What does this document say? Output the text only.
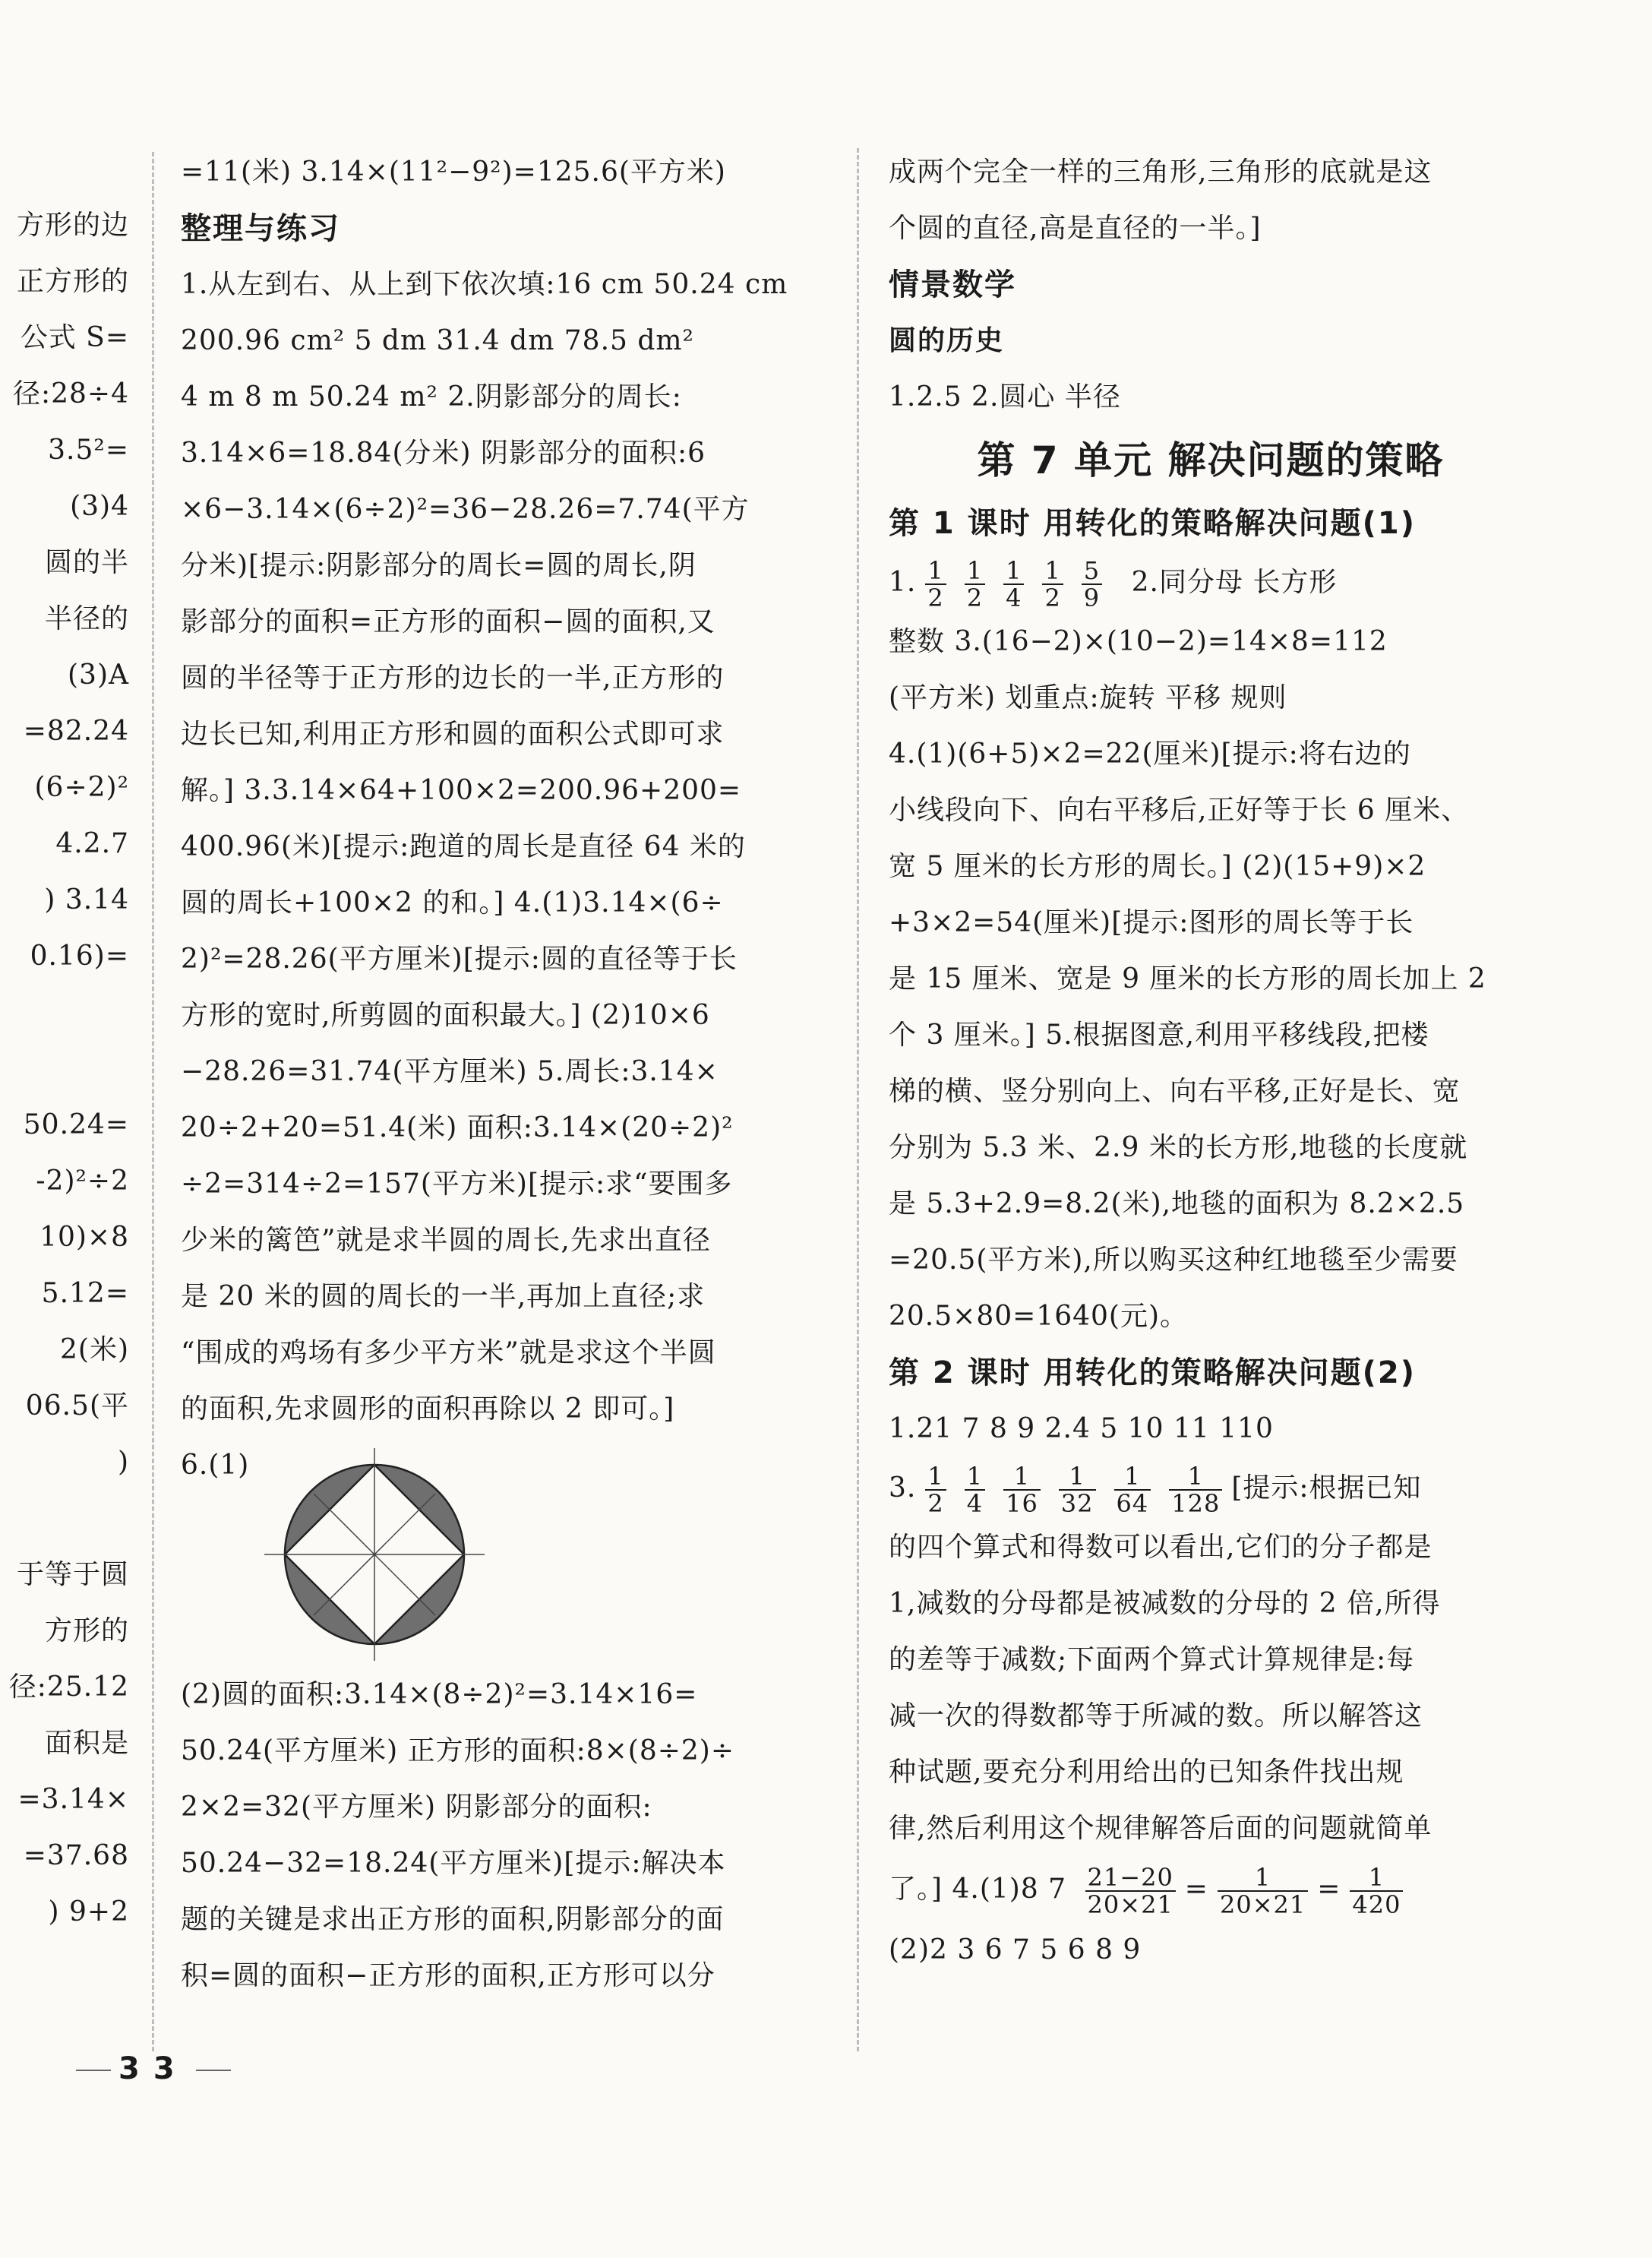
方形的边
正方形的
公式 S=
径:28÷4
3.5²=
(3)4
圆的半
半径的
(3)A
=82.24
(6÷2)²
4.2.7
) 3.14
0.16)=
50.24=
-2)²÷2
10)×8
5.12=
2(米)
06.5(平
)
于等于圆
方形的
径:25.12
面积是
=3.14×
=37.68
) 9+2
=11(米) 3.14×(11²−9²)=125.6(平方米)
整理与练习
1.从左到右、从上到下依次填:16 cm 50.24 cm
200.96 cm² 5 dm 31.4 dm 78.5 dm²
4 m 8 m 50.24 m² 2.阴影部分的周长:
3.14×6=18.84(分米) 阴影部分的面积:6
×6−3.14×(6÷2)²=36−28.26=7.74(平方
分米)[提示:阴影部分的周长=圆的周长,阴
影部分的面积=正方形的面积−圆的面积,又
圆的半径等于正方形的边长的一半,正方形的
边长已知,利用正方形和圆的面积公式即可求
解。] 3.3.14×64+100×2=200.96+200=
400.96(米)[提示:跑道的周长是直径 64 米的
圆的周长+100×2 的和。] 4.(1)3.14×(6÷
2)²=28.26(平方厘米)[提示:圆的直径等于长
方形的宽时,所剪圆的面积最大。] (2)10×6
−28.26=31.74(平方厘米) 5.周长:3.14×
20÷2+20=51.4(米) 面积:3.14×(20÷2)²
÷2=314÷2=157(平方米)[提示:求“要围多
少米的篱笆”就是求半圆的周长,先求出直径
是 20 米的圆的周长的一半,再加上直径;求
“围成的鸡场有多少平方米”就是求这个半圆
的面积,先求圆形的面积再除以 2 即可。]
6.(1)
(2)圆的面积:3.14×(8÷2)²=3.14×16=
50.24(平方厘米) 正方形的面积:8×(8÷2)÷
2×2=32(平方厘米) 阴影部分的面积:
50.24−32=18.24(平方厘米)[提示:解决本
题的关键是求出正方形的面积,阴影部分的面
积=圆的面积−正方形的面积,正方形可以分
成两个完全一样的三角形,三角形的底就是这
个圆的直径,高是直径的一半。]
情景数学
圆的历史
1.2.5 2.圆心 半径
第 7 单元 解决问题的策略
第 1 课时 用转化的策略解决问题(1)
1. $\frac{1}{2} \frac{1}{2} \frac{1}{4} \frac{1}{2} \frac{5}{9} 2$.同分母 长方形
整数 3.(16−2)×(10−2)=14×8=112
(平方米) 划重点:旋转 平移 规则
4.(1)(6+5)×2=22(厘米)[提示:将右边的
小线段向下、向右平移后,正好等于长 6 厘米、
宽 5 厘米的长方形的周长。] (2)(15+9)×2
+3×2=54(厘米)[提示:图形的周长等于长
是 15 厘米、宽是 9 厘米的长方形的周长加上 2
个 3 厘米。] 5.根据图意,利用平移线段,把楼
梯的横、竖分别向上、向右平移,正好是长、宽
分别为 5.3 米、2.9 米的长方形,地毯的长度就
是 5.3+2.9=8.2(米),地毯的面积为 8.2×2.5
=20.5(平方米),所以购买这种红地毯至少需要
20.5×80=1640(元)。
第 2 课时 用转化的策略解决问题(2)
1.21 7 8 9 2.4 5 10 11 110
3. $\frac{1}{2} \frac{1}{4} \frac{1}{16} \frac{1}{32} \frac{1}{64} \frac{1}{128}$ [提示:根据已知
的四个算式和得数可以看出,它们的分子都是
1,减数的分母都是被减数的分母的 2 倍,所得
的差等于减数;下面两个算式计算规律是:每
减一次的得数都等于所减的数。所以解答这
种试题,要充分利用给出的已知条件找出规
律,然后利用这个规律解答后面的问题就简单
了。] 4.(1)8 $7 \frac{21-20}{20\times 21} = \frac{1}{20\times 21} = \frac{1}{420}$
(2)2 3 6 7 5 6 8 9
33
